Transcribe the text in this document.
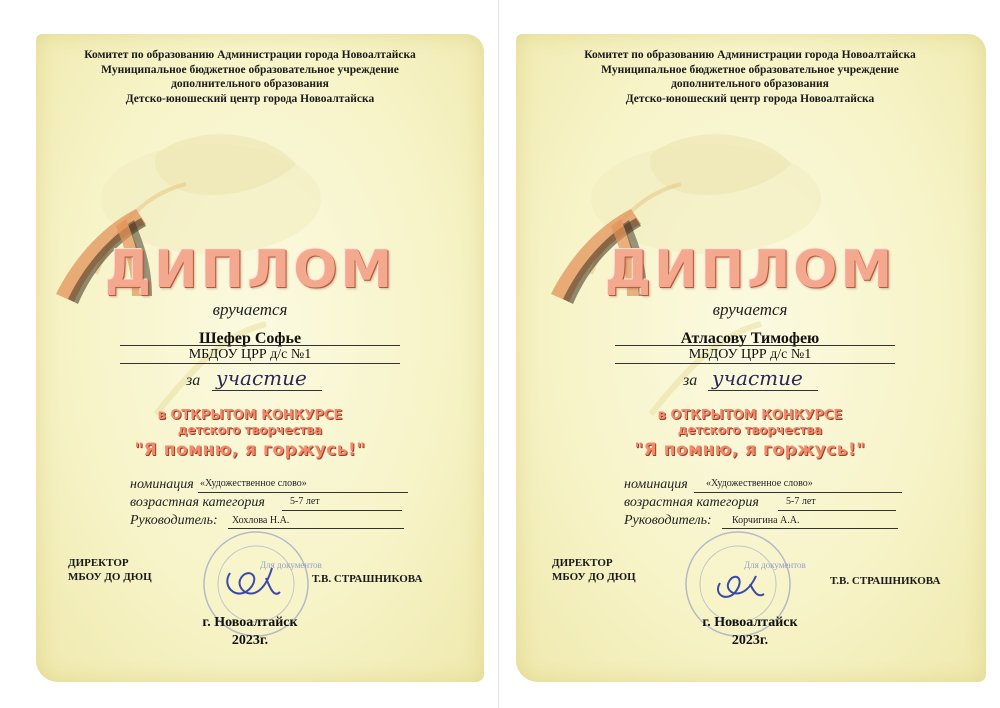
Комитет по образованию Администрации города Новоалтайска
Муниципальное бюджетное образовательное учреждение
дополнительного образования
Детско-юношеский центр города Новоалтайска
ДИПЛОМ
вручается
Шефер Софье
МБДОУ ЦРР д/с №1
за участие
в ОТКРЫТОМ КОНКУРСЕ
детского творчества
"Я помню, я горжусь!"
номинация «Художественное слово»
возрастная категория	5-7 лет
Руководитель: Хохлова Н.А.
ДИРЕКТОР
МБОУ ДО ДЮЦ
Для документов
Т.В. СТРАШНИКОВА
г. Новоалтайск
2023г.
Комитет по образованию Администрации города Новоалтайска
Муниципальное бюджетное образовательное учреждение
дополнительного образования
Детско-юношеский центр города Новоалтайска
ДИПЛОМ
вручается
Атласову Тимофею
МБДОУ ЦРР д/с №1
за участие
в ОТКРЫТОМ КОНКУРСЕ
детского творчества
"Я помню, я горжусь!"
номинация «Художественное слово»
возрастная категория	5-7 лет
Руководитель: Корчигина А.А.
ДИРЕКТОР
МБОУ ДО ДЮЦ
Для документов
Т.В. СТРАШНИКОВА
г. Новоалтайск
2023г.
